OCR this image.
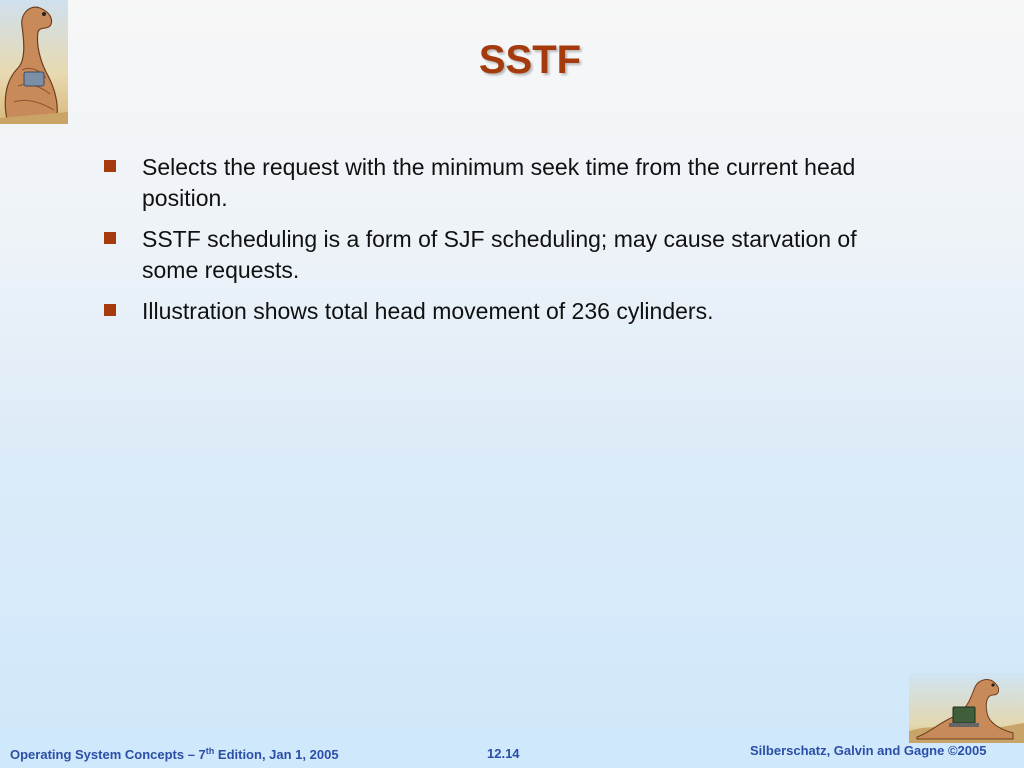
SSTF
Selects the request with the minimum seek time from the current head position.
SSTF scheduling is a form of SJF scheduling; may cause starvation of some requests.
Illustration shows total head movement of 236 cylinders.
Operating System Concepts – 7th Edition, Jan 1, 2005	12.14	Silberschatz, Galvin and Gagne ©2005
